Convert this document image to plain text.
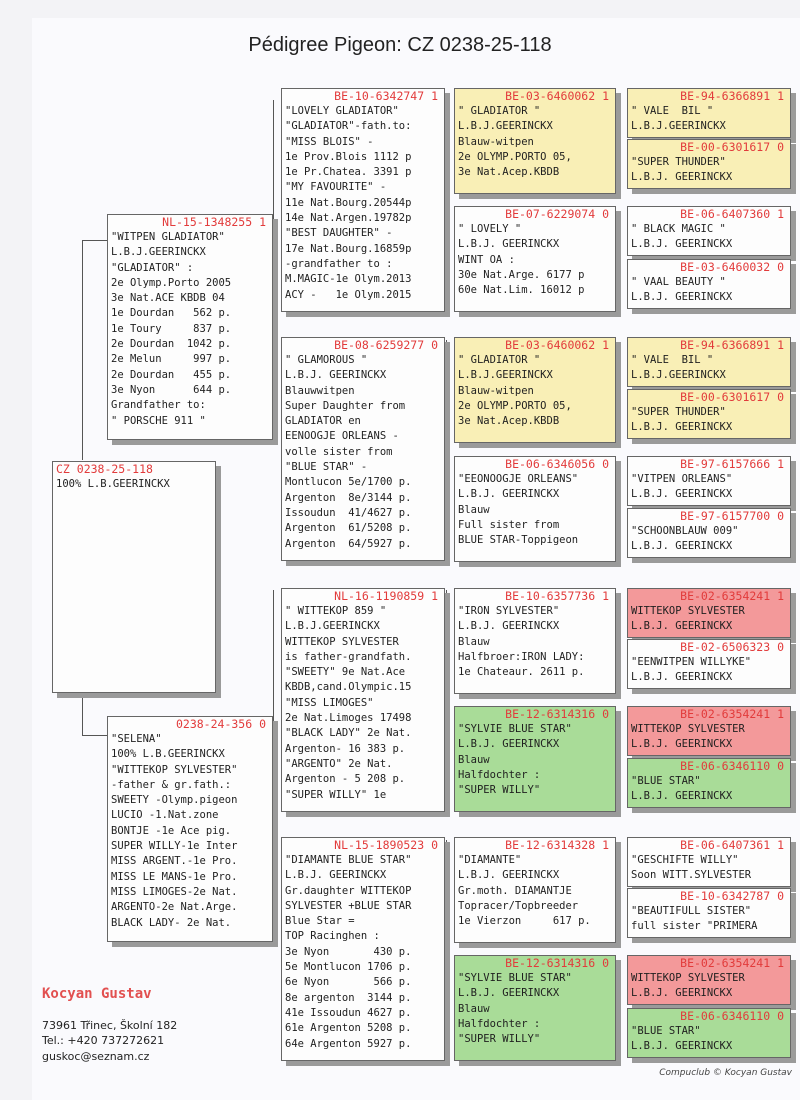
Pédigree Pigeon: CZ 0238-25-118
CZ 0238-25-118
100% L.B.GEERINCKX
NL-15-1348255 1
"WITPEN GLADIATOR"
L.B.J.GEERINCKX
"GLADIATOR" :
2e Olymp.Porto 2005
3e Nat.ACE KBDB 04
1e Dourdan   562 p.
1e Toury     837 p.
2e Dourdan  1042 p.
2e Melun     997 p.
2e Dourdan   455 p.
3e Nyon      644 p.
Grandfather to:
" PORSCHE 911 "
0238-24-356 0
"SELENA"
100% L.B.GEERINCKX
"WITTEKOP SYLVESTER"
-father & gr.fath.:
SWEETY -Olymp.pigeon
LUCIO -1.Nat.zone
BONTJE -1e Ace pig.
SUPER WILLY-1e Inter
MISS ARGENT.-1e Pro.
MISS LE MANS-1e Pro.
MISS LIMOGES-2e Nat.
ARGENTO-2e Nat.Arge.
BLACK LADY- 2e Nat.
BE-10-6342747 1
"LOVELY GLADIATOR"
"GLADIATOR"-fath.to:
"MISS BLOIS" -
1e Prov.Blois 1112 p
1e Pr.Chatea. 3391 p
"MY FAVOURITE" -
11e Nat.Bourg.20544p
14e Nat.Argen.19782p
"BEST DAUGHTER" -
17e Nat.Bourg.16859p
-grandfather to :
M.MAGIC-1e Olym.2013
ACY -   1e Olym.2015
BE-08-6259277 0
" GLAMOROUS "
L.B.J. GEERINCKX
Blauwwitpen
Super Daughter from
GLADIATOR en
EENOOGJE ORLEANS -
volle sister from
"BLUE STAR" -
Montlucon 5e/1700 p.
Argenton  8e/3144 p.
Issoudun  41/4627 p.
Argenton  61/5208 p.
Argenton  64/5927 p.
NL-16-1190859 1
" WITTEKOP 859 "
L.B.J.GEERINCKX
WITTEKOP SYLVESTER
is father-grandfath.
"SWEETY" 9e Nat.Ace
KBDB,cand.Olympic.15
"MISS LIMOGES"
2e Nat.Limoges 17498
"BLACK LADY" 2e Nat.
Argenton- 16 383 p.
"ARGENTO" 2e Nat.
Argenton - 5 208 p.
"SUPER WILLY" 1e
NL-15-1890523 0
"DIAMANTE BLUE STAR"
L.B.J. GEERINCKX
Gr.daughter WITTEKOP
SYLVESTER +BLUE STAR
Blue Star =
TOP Racinghen :
3e Nyon       430 p.
5e Montlucon 1706 p.
6e Nyon       566 p.
8e argenton  3144 p.
41e Issoudun 4627 p.
61e Argenton 5208 p.
64e Argenton 5927 p.
BE-03-6460062 1
" GLADIATOR "
L.B.J.GEERINCKX
Blauw-witpen
2e OLYMP.PORTO 05,
3e Nat.Acep.KBDB
BE-07-6229074 0
" LOVELY "
L.B.J. GEERINCKX
WINT OA :
30e Nat.Arge. 6177 p
60e Nat.Lim. 16012 p
BE-03-6460062 1
" GLADIATOR "
L.B.J.GEERINCKX
Blauw-witpen
2e OLYMP.PORTO 05,
3e Nat.Acep.KBDB
BE-06-6346056 0
"EEONOOGJE ORLEANS"
L.B.J. GEERINCKX
Blauw
Full sister from
BLUE STAR-Toppigeon
BE-10-6357736 1
"IRON SYLVESTER"
L.B.J. GEERINCKX
Blauw
Halfbroer:IRON LADY:
1e Chateaur. 2611 p.
BE-12-6314316 0
"SYLVIE BLUE STAR"
L.B.J. GEERINCKX
Blauw
Halfdochter :
"SUPER WILLY"
BE-12-6314328 1
"DIAMANTE"
L.B.J. GEERINCKX
Gr.moth. DIAMANTJE
Topracer/Topbreeder
1e Vierzon     617 p.
BE-12-6314316 0
"SYLVIE BLUE STAR"
L.B.J. GEERINCKX
Blauw
Halfdochter :
"SUPER WILLY"
BE-94-6366891 1
" VALE  BIL "
L.B.J.GEERINCKX
BE-00-6301617 0
"SUPER THUNDER"
L.B.J. GEERINCKX
BE-06-6407360 1
" BLACK MAGIC "
L.B.J. GEERINCKX
BE-03-6460032 0
" VAAL BEAUTY "
L.B.J. GEERINCKX
BE-94-6366891 1
" VALE  BIL "
L.B.J.GEERINCKX
BE-00-6301617 0
"SUPER THUNDER"
L.B.J. GEERINCKX
BE-97-6157666 1
"VITPEN ORLEANS"
L.B.J. GEERINCKX
BE-97-6157700 0
"SCHOONBLAUW 009"
L.B.J. GEERINCKX
BE-02-6354241 1
WITTEKOP SYLVESTER
L.B.J. GEERINCKX
BE-02-6506323 0
"EENWITPEN WILLYKE"
L.B.J. GEERINCKX
BE-02-6354241 1
WITTEKOP SYLVESTER
L.B.J. GEERINCKX
BE-06-6346110 0
"BLUE STAR"
L.B.J. GEERINCKX
BE-06-6407361 1
"GESCHIFTE WILLY"
Soon WITT.SYLVESTER
BE-10-6342787 0
"BEAUTIFULL SISTER"
full sister "PRIMERA
BE-02-6354241 1
WITTEKOP SYLVESTER
L.B.J. GEERINCKX
BE-06-6346110 0
"BLUE STAR"
L.B.J. GEERINCKX
Kocyan Gustav
73961 Třinec, Školní 182
Tel.: +420 737272621
guskoc@seznam.cz
Compuclub © Kocyan Gustav
